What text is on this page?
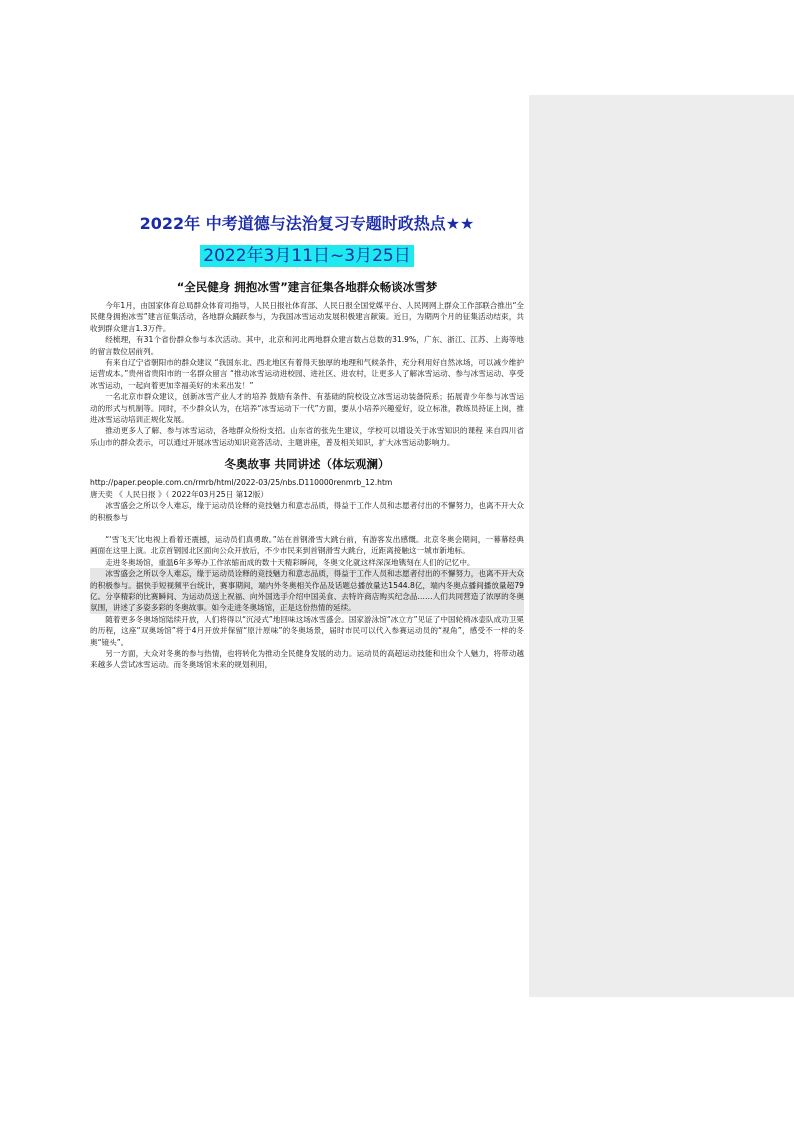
2022年 中考道德与法治复习专题时政热点★★
2022年3月11日~3月25日
“全民健身 拥抱冰雪”建言征集各地群众畅谈冰雪梦

今年1月，由国家体育总局群众体育司指导，人民日报社体育部、人民日报全国党媒平台、人民网网上群众工作部联合推出“全民健身拥抱冰雪”建言征集活动，各地群众踊跃参与，为我国冰雪运动发展积极建言献策。近日，为期两个月的征集活动结束，共收到群众建言1.3万件。

经梳理，有31个省份群众参与本次活动。其中，北京和河北两地群众建言数占总数的31.9%，广东、浙江、江苏、上海等地的留言数位居前列。

有来自辽宁省朝阳市的群众建议 “我国东北、西北地区有着得天独厚的地理和气候条件，充分利用好自然冰场，可以减少维护运营成本。”贵州省贵阳市的一名群众留言 “推动冰雪运动进校园、进社区、进农村，让更多人了解冰雪运动、参与冰雪运动、享受冰雪运动，一起向着更加幸福美好的未来出发！”

一名北京市群众建议，创新冰雪产业人才的培养 鼓励有条件、有基础的院校设立冰雪运动装备院系；拓展青少年参与冰雪运动的形式与机制等。同时，不少群众认为，在培养“冰雪运动下一代”方面，要从小培养兴趣爱好，设立标准，教练员持证上岗，推进冰雪运动培训正规化发展。

推动更多人了解、参与冰雪运动，各地群众纷纷支招。山东省的张先生建议，学校可以增设关于冰雪知识的课程 来自四川省乐山市的群众表示，可以通过开展冰雪运动知识竞答活动、主题讲座，普及相关知识，扩大冰雪运动影响力。

冬奥故事 共同讲述（体坛观澜）

http://paper.people.com.cn/rmrb/html/2022-03/25/nbs.D110000renmrb_12.htm

唐天奕 《 人民日报 》（ 2022年03月25日 第12版）

冰雪盛会之所以令人难忘，缘于运动员诠释的竞技魅力和意志品质，得益于工作人员和志愿者付出的不懈努力，也离不开大众的积极参与

“‘雪飞天’比电视上看着还震撼，运动员们真勇敢。”站在首钢滑雪大跳台前，有游客发出感慨。北京冬奥会期间，一幕幕经典画面在这里上演。北京首钢园北区面向公众开放后，不少市民来到首钢滑雪大跳台，近距离接触这一城市新地标。

走进冬奥场馆，重温6年多筹办工作浓缩而成的数十天精彩瞬间，冬奥文化就这样深深地镌刻在人们的记忆中。

冰雪盛会之所以令人难忘，缘于运动员诠释的竞技魅力和意志品质，得益于工作人员和志愿者付出的不懈努力，也离不开大众的积极参与。据快手短视频平台统计，赛事期间，端内外冬奥相关作品及话题总播放量达1544.8亿，端内冬奥点播间播放量超79亿。分享精彩的比赛瞬间、为运动员送上祝福、向外国选手介绍中国美食、去特许商店购买纪念品……人们共同营造了浓厚的冬奥氛围，讲述了多姿多彩的冬奥故事。如今走进冬奥场馆，正是这份热情的延续。

随着更多冬奥场馆陆续开放，人们将得以“沉浸式”地回味这场冰雪盛会。国家游泳馆“冰立方”见证了中国轮椅冰壶队成功卫冕的历程，这座“双奥场馆”将于4月开放并保留“原汁原味”的冬奥场景，届时市民可以代入参赛运动员的“视角”，感受不一样的冬奥“镜头”。

另一方面，大众对冬奥的参与热情，也将转化为推动全民健身发展的动力。运动员的高超运动技能和出众个人魅力，将带动越来越多人尝试冰雪运动。而冬奥场馆未来的规划利用，
